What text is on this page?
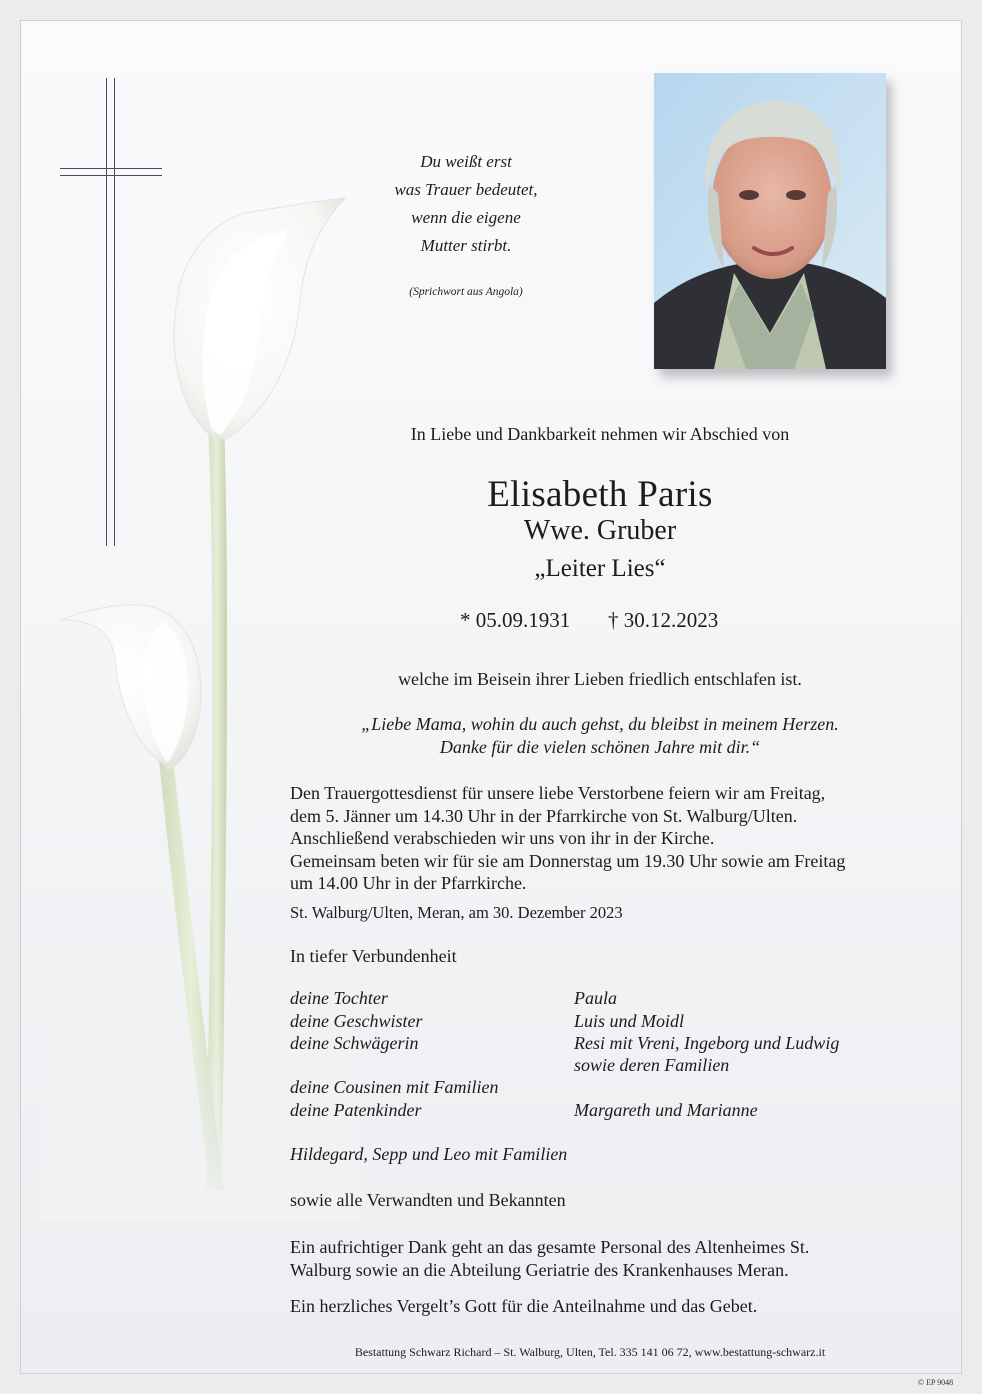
Du weißt erst
was Trauer bedeutet,
wenn die eigene
Mutter stirbt.
(Sprichwort aus Angola)
In Liebe und Dankbarkeit nehmen wir Abschied von
Elisabeth Paris
Wwe. Gruber
„Leiter Lies“
* 05.09.1931 † 30.12.2023
welche im Beisein ihrer Lieben friedlich entschlafen ist.
„Liebe Mama, wohin du auch gehst, du bleibst in meinem Herzen.
Danke für die vielen schönen Jahre mit dir.“
Den Trauergottesdienst für unsere liebe Verstorbene feiern wir am Freitag,
dem 5. Jänner um 14.30 Uhr in der Pfarrkirche von St. Walburg/Ulten.
Anschließend verabschieden wir uns von ihr in der Kirche.
Gemeinsam beten wir für sie am Donnerstag um 19.30 Uhr sowie am Freitag
um 14.00 Uhr in der Pfarrkirche.
St. Walburg/Ulten, Meran, am 30. Dezember 2023
In tiefer Verbundenheit
deine Tochter	Paula
deine Geschwister	Luis und Moidl
deine Schwägerin	Resi mit Vreni, Ingeborg und Ludwig
sowie deren Familien
deine Cousinen mit Familien
deine Patenkinder	Margareth und Marianne
Hildegard, Sepp und Leo mit Familien
sowie alle Verwandten und Bekannten
Ein aufrichtiger Dank geht an das gesamte Personal des Altenheimes St.
Walburg sowie an die Abteilung Geriatrie des Krankenhauses Meran.
Ein herzliches Vergelt’s Gott für die Anteilnahme und das Gebet.
Bestattung Schwarz Richard – St. Walburg, Ulten, Tel. 335 141 06 72, www.bestattung-schwarz.it
© EP 9048
